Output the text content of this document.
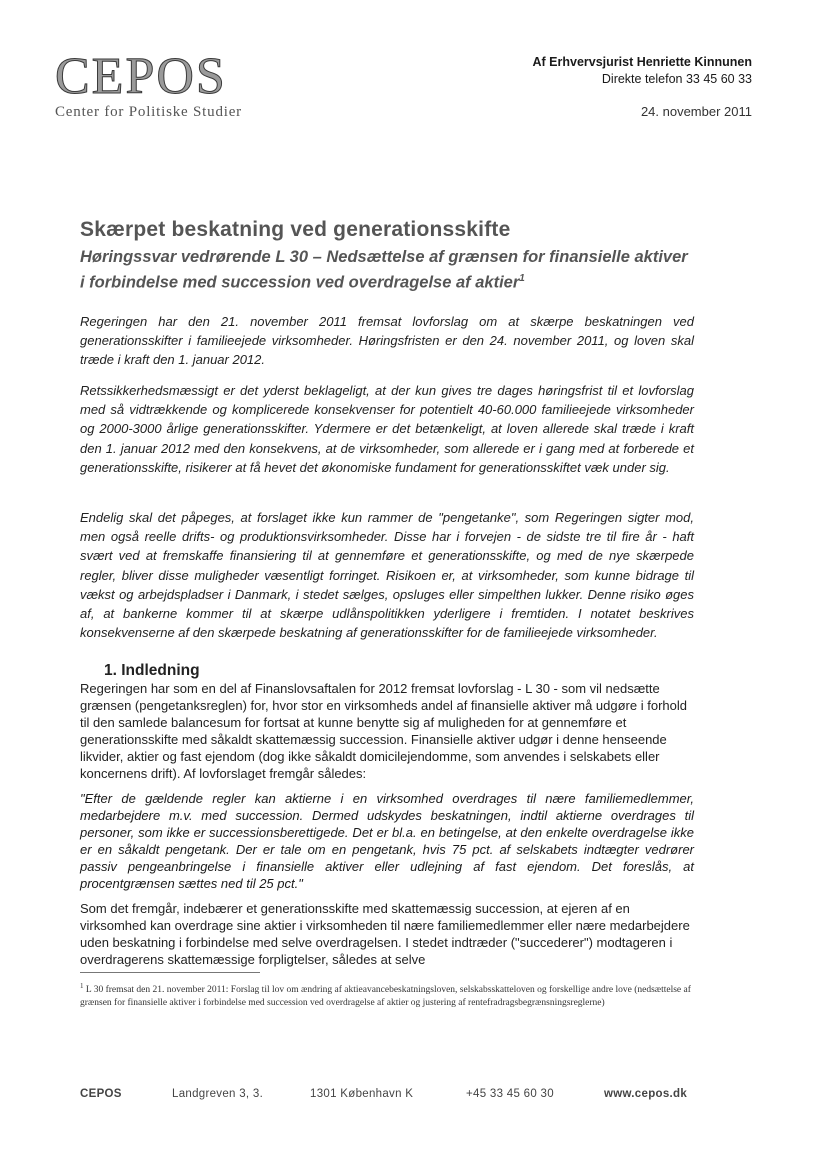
CEPOS
Center for Politiske Studier
Af Erhvervsjurist Henriette Kinnunen
Direkte telefon 33 45 60 33
24. november 2011
Skærpet beskatning ved generationsskifte
Høringssvar vedrørende L 30 – Nedsættelse af grænsen for finansielle aktiver i forbindelse med succession ved overdragelse af aktier$^1$
Regeringen har den 21. november 2011 fremsat lovforslag om at skærpe beskatningen ved generationsskifter i familieejede virksomheder. Høringsfristen er den 24. november 2011, og loven skal træde i kraft den 1. januar 2012.
Retssikkerhedsmæssigt er det yderst beklageligt, at der kun gives tre dages høringsfrist til et lovforslag med så vidtrækkende og komplicerede konsekvenser for potentielt 40-60.000 familieejede virksomheder og 2000-3000 årlige generationsskifter. Ydermere er det betænkeligt, at loven allerede skal træde i kraft den 1. januar 2012 med den konsekvens, at de virksomheder, som allerede er i gang med at forberede et generationsskifte, risikerer at få hevet det økonomiske fundament for generationsskiftet væk under sig.
Endelig skal det påpeges, at forslaget ikke kun rammer de "pengetanke", som Regeringen sigter mod, men også reelle drifts- og produktionsvirksomheder. Disse har i forvejen - de sidste tre til fire år - haft svært ved at fremskaffe finansiering til at gennemføre et generationsskifte, og med de nye skærpede regler, bliver disse muligheder væsentligt forringet. Risikoen er, at virksomheder, som kunne bidrage til vækst og arbejdspladser i Danmark, i stedet sælges, opsluges eller simpelthen lukker. Denne risiko øges af, at bankerne kommer til at skærpe udlånspolitikken yderligere i fremtiden. I notatet beskrives konsekvenserne af den skærpede beskatning af generationsskifter for de familieejede virksomheder.
1. Indledning
Regeringen har som en del af Finanslovsaftalen for 2012 fremsat lovforslag - L 30 - som vil nedsætte grænsen (pengetanksreglen) for, hvor stor en virksomheds andel af finansielle aktiver må udgøre i forhold til den samlede balancesum for fortsat at kunne benytte sig af muligheden for at gennemføre et generationsskifte med såkaldt skattemæssig succession. Finansielle aktiver udgør i denne henseende likvider, aktier og fast ejendom (dog ikke såkaldt domicilejendomme, som anvendes i selskabets eller koncernens drift). Af lovforslaget fremgår således:
"Efter de gældende regler kan aktierne i en virksomhed overdrages til nære familiemedlemmer, medarbejdere m.v. med succession. Dermed udskydes beskatningen, indtil aktierne overdrages til personer, som ikke er successionsberettigede. Det er bl.a. en betingelse, at den enkelte overdragelse ikke er en såkaldt pengetank. Der er tale om en pengetank, hvis 75 pct. af selskabets indtægter vedrører passiv pengeanbringelse i finansielle aktiver eller udlejning af fast ejendom. Det foreslås, at procentgrænsen sættes ned til 25 pct."
Som det fremgår, indebærer et generationsskifte med skattemæssig succession, at ejeren af en virksomhed kan overdrage sine aktier i virksomheden til nære familiemedlemmer eller nære medarbejdere uden beskatning i forbindelse med selve overdragelsen. I stedet indtræder ("succederer") modtageren i overdragerens skattemæssige forpligtelser, således at selve
$^1$ L 30 fremsat den 21. november 2011: Forslag til lov om ændring af aktieavancebeskatningsloven, selskabsskatteloven og forskellige andre love (nedsættelse af grænsen for finansielle aktiver i forbindelse med succession ved overdragelse af aktier og justering af rentefradragsbegrænsningsreglerne)
CEPOS	Landgreven 3, 3.	1301 København K	+45 33 45 60 30	www.cepos.dk
